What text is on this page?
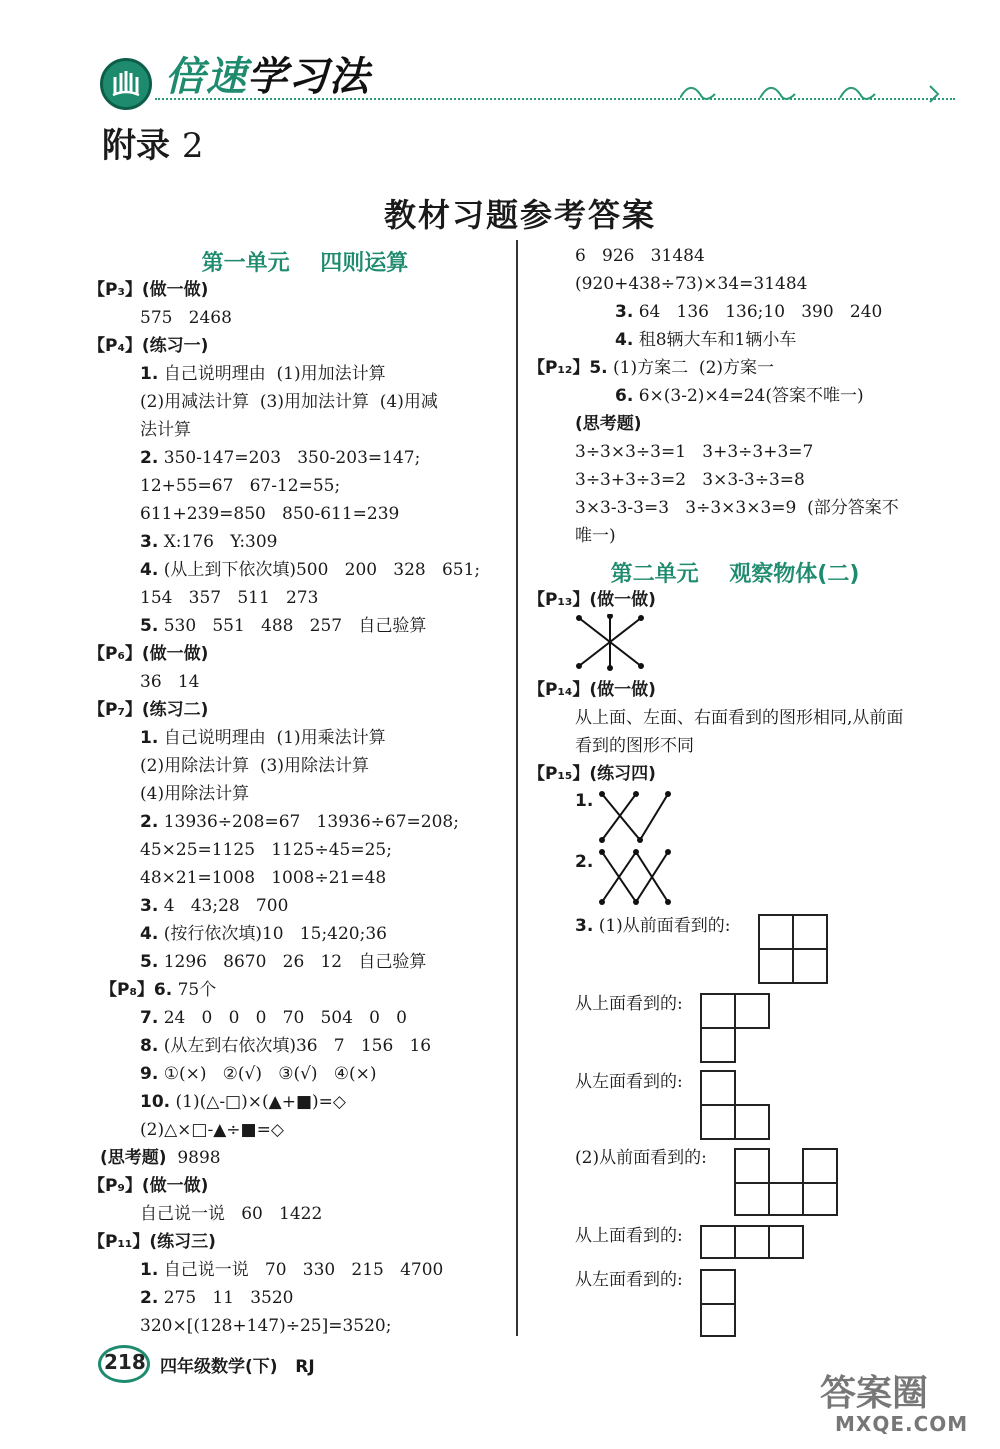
倍速学习法
附录 2
教材习题参考答案
第一单元    四则运算
【P₃】(做一做)
575   2468
【P₄】(练习一)
1. 自己说明理由  (1)用加法计算
(2)用减法计算  (3)用加法计算  (4)用减
法计算
2. 350-147=203   350-203=147;
12+55=67   67-12=55;
611+239=850   850-611=239
3. X:176   Y:309
4. (从上到下依次填)500   200   328   651;
154   357   511   273
5. 530   551   488   257   自己验算
【P₆】(做一做)
36   14
【P₇】(练习二)
1. 自己说明理由  (1)用乘法计算
(2)用除法计算  (3)用除法计算
(4)用除法计算
2. 13936÷208=67   13936÷67=208;
45×25=1125   1125÷45=25;
48×21=1008   1008÷21=48
3. 4   43;28   700
4. (按行依次填)10   15;420;36
5. 1296   8670   26   12   自己验算
【P₈】6. 75个
7. 24   0   0   0   70   504   0   0
8. (从左到右依次填)36   7   156   16
9. ①(×)   ②(√)   ③(√)   ④(×)
10. (1)(△-□)×(▲+■)=◇
(2)△×□-▲÷■=◇
(思考题)  9898
【P₉】(做一做)
自己说一说   60   1422
【P₁₁】(练习三)
1. 自己说一说   70   330   215   4700
2. 275   11   3520
320×[(128+147)÷25]=3520;
6   926   31484
(920+438÷73)×34=31484
3. 64   136   136;10   390   240
4. 租8辆大车和1辆小车
【P₁₂】5. (1)方案二  (2)方案一
6. 6×(3-2)×4=24(答案不唯一)
(思考题)
3÷3×3÷3=1   3+3÷3+3=7
3÷3+3÷3=2   3×3-3÷3=8
3×3-3-3=3   3÷3×3×3=9  (部分答案不
唯一)
第二单元    观察物体(二)
【P₁₃】(做一做)
【P₁₄】(做一做)
从上面、左面、右面看到的图形相同,从前面
看到的图形不同
【P₁₅】(练习四)
1.
2.
3. (1)从前面看到的:
从上面看到的:
从左面看到的:
(2)从前面看到的:
从上面看到的:
从左面看到的:
218 四年级数学(下)   RJ
答案圈
MXQE.COM
